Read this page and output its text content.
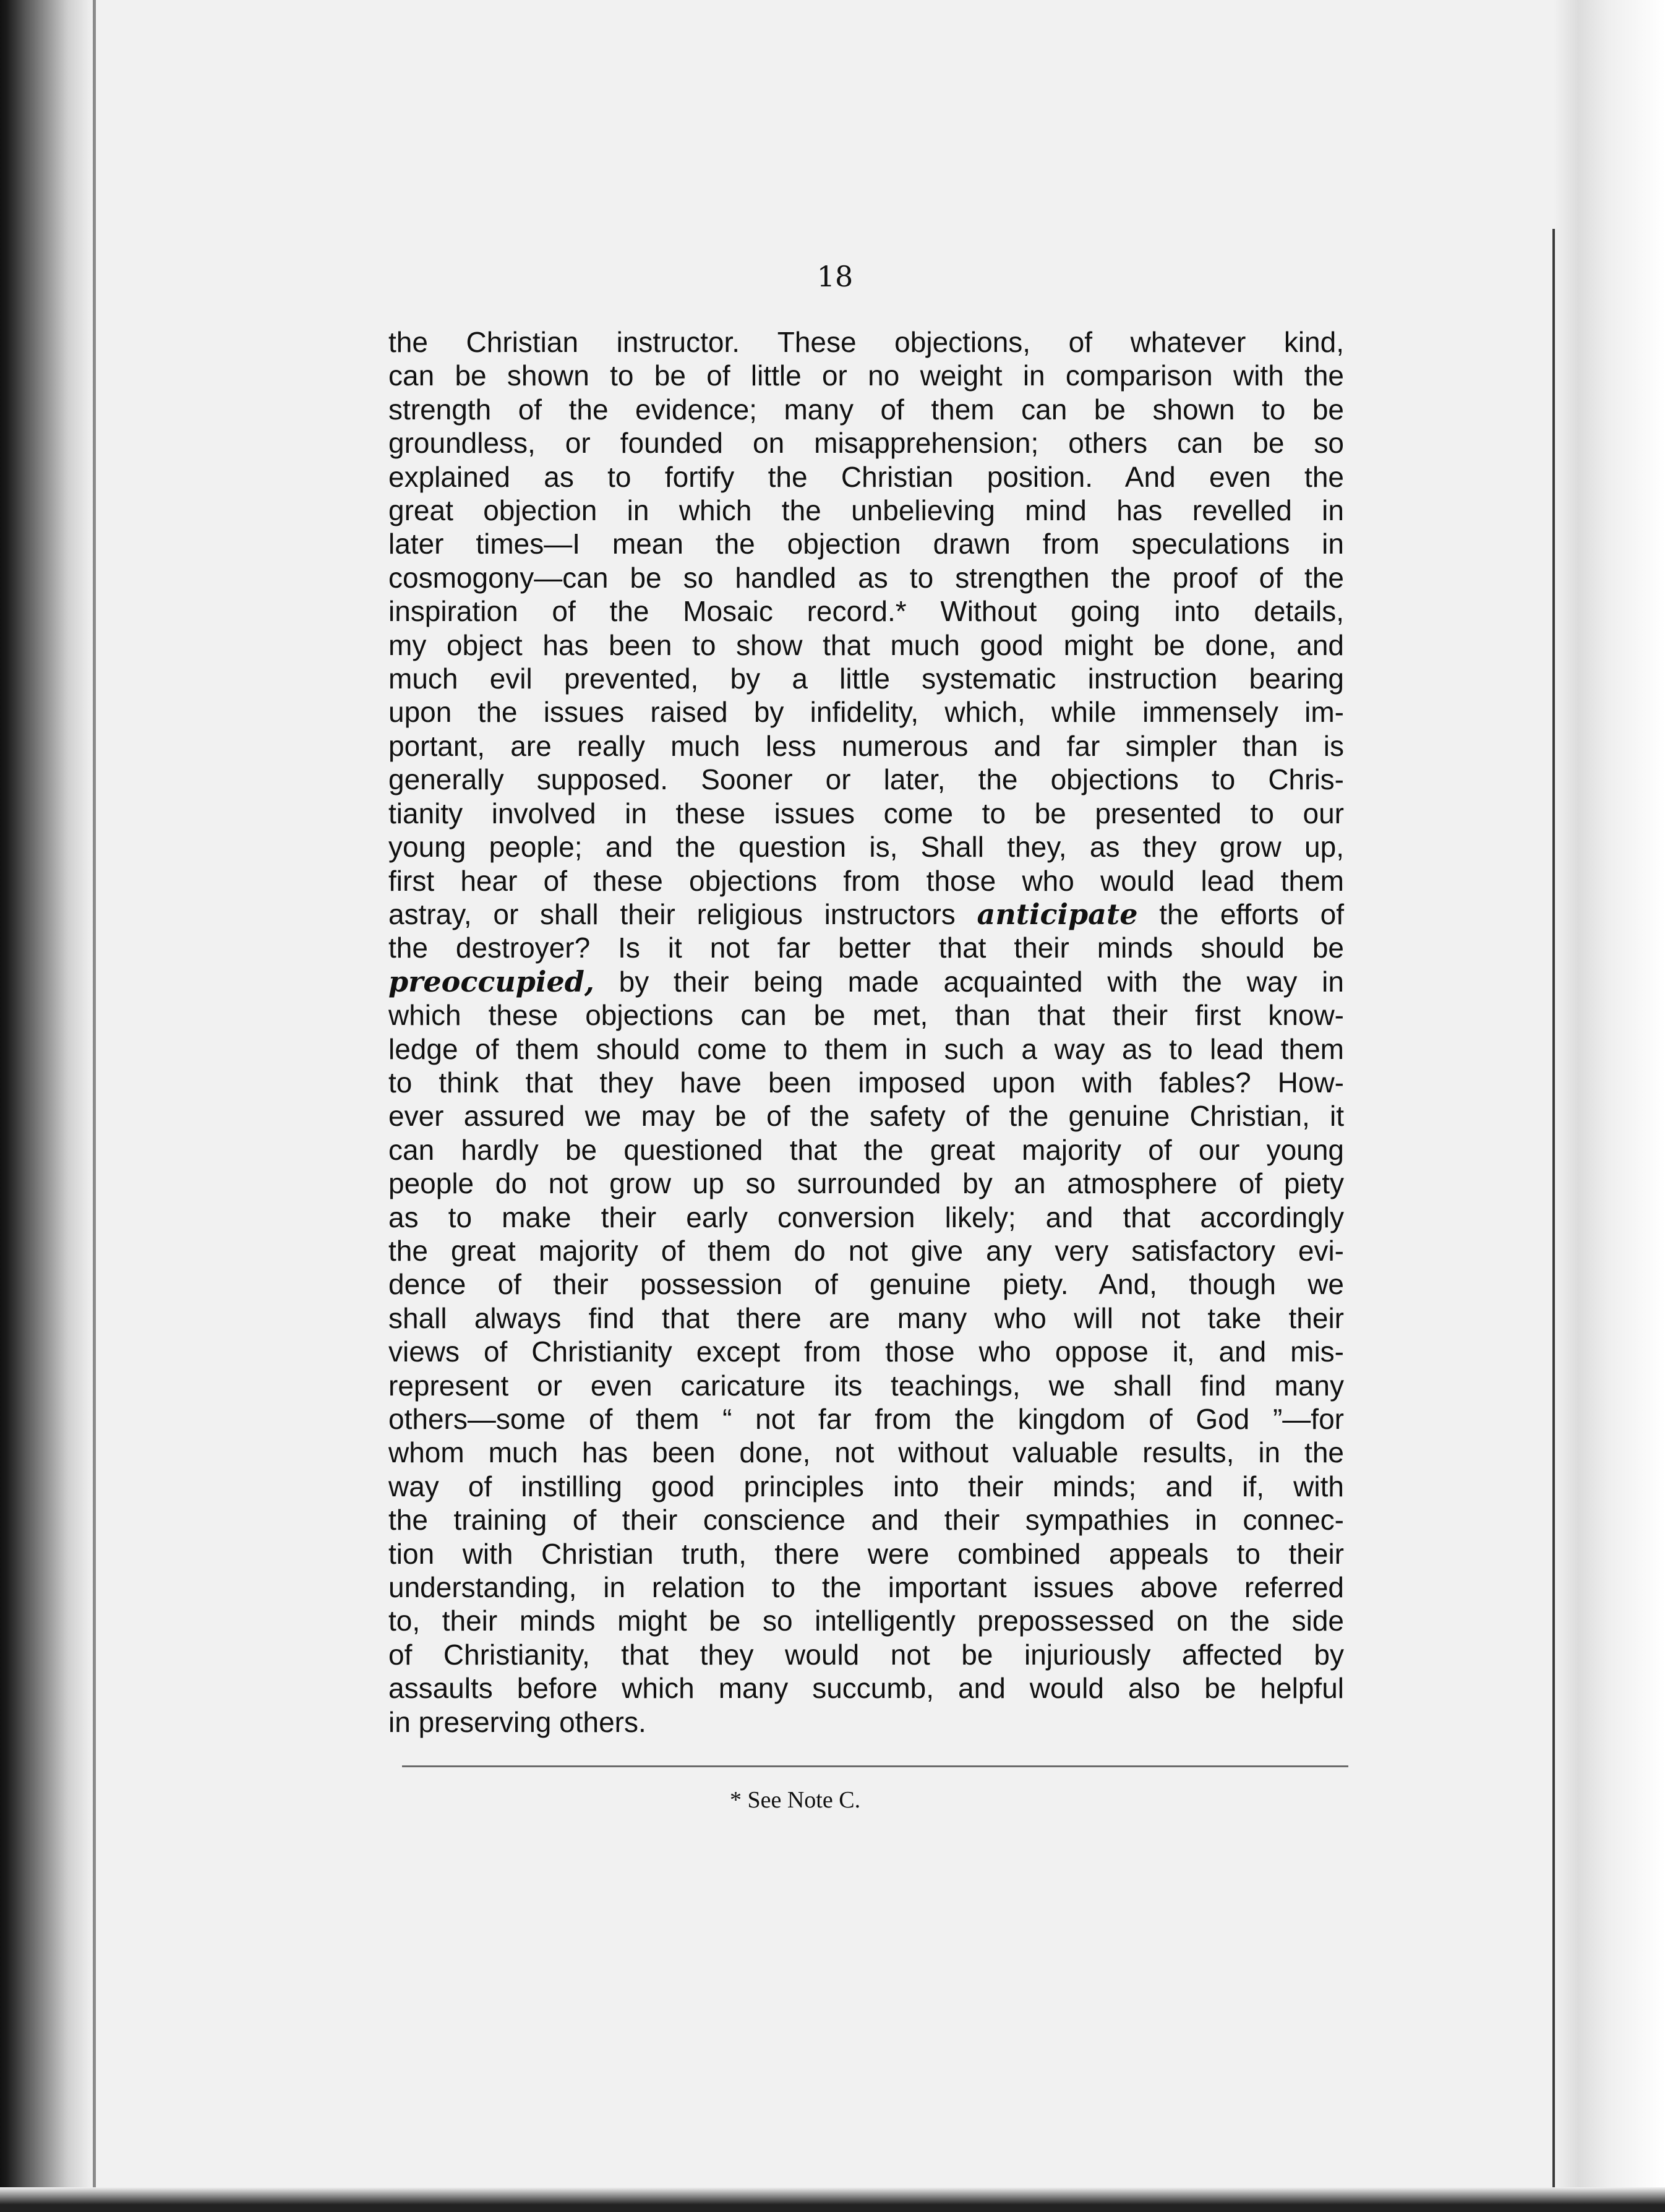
18
the Christian instructor. These objections, of whatever kind,
can be shown to be of little or no weight in comparison with the
strength of the evidence; many of them can be shown to be
groundless, or founded on misapprehension; others can be so
explained as to fortify the Christian position. And even the
great objection in which the unbelieving mind has revelled in
later times—I mean the objection drawn from speculations in
cosmogony—can be so handled as to strengthen the proof of the
inspiration of the Mosaic record.* Without going into details,
my object has been to show that much good might be done, and
much evil prevented, by a little systematic instruction bearing
upon the issues raised by infidelity, which, while immensely im-
portant, are really much less numerous and far simpler than is
generally supposed. Sooner or later, the objections to Chris-
tianity involved in these issues come to be presented to our
young people; and the question is, Shall they, as they grow up,
first hear of these objections from those who would lead them
astray, or shall their religious instructors anticipate the efforts of
the destroyer? Is it not far better that their minds should be
preoccupied, by their being made acquainted with the way in
which these objections can be met, than that their first know-
ledge of them should come to them in such a way as to lead them
to think that they have been imposed upon with fables? How-
ever assured we may be of the safety of the genuine Christian, it
can hardly be questioned that the great majority of our young
people do not grow up so surrounded by an atmosphere of piety
as to make their early conversion likely; and that accordingly
the great majority of them do not give any very satisfactory evi-
dence of their possession of genuine piety. And, though we
shall always find that there are many who will not take their
views of Christianity except from those who oppose it, and mis-
represent or even caricature its teachings, we shall find many
others—some of them “ not far from the kingdom of God ”—for
whom much has been done, not without valuable results, in the
way of instilling good principles into their minds; and if, with
the training of their conscience and their sympathies in connec-
tion with Christian truth, there were combined appeals to their
understanding, in relation to the important issues above referred
to, their minds might be so intelligently prepossessed on the side
of Christianity, that they would not be injuriously affected by
assaults before which many succumb, and would also be helpful
in preserving others.
* See Note C.
